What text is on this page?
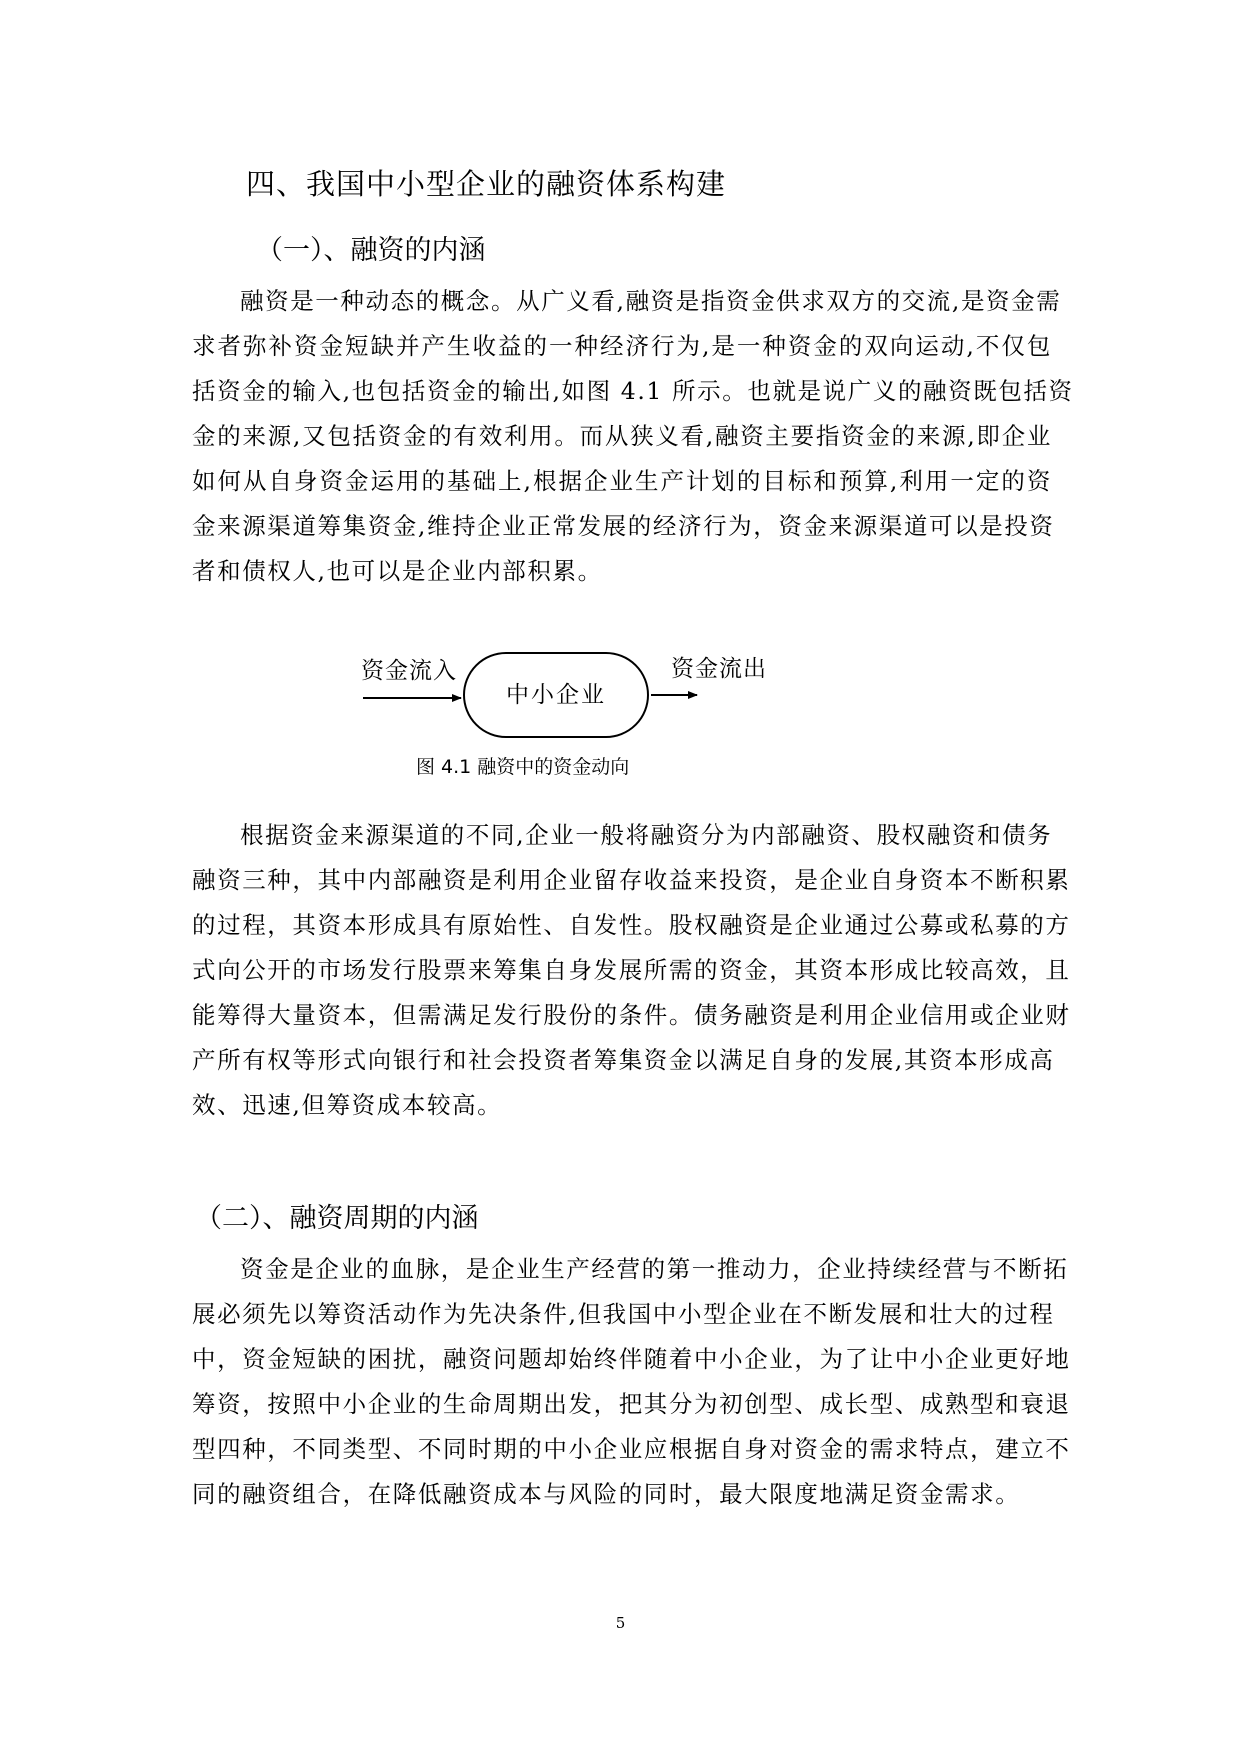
四、我国中小型企业的融资体系构建
（一）、融资的内涵
融资是一种动态的概念。从广义看,融资是指资金供求双方的交流,是资金需
求者弥补资金短缺并产生收益的一种经济行为,是一种资金的双向运动,不仅包
括资金的输入,也包括资金的输出,如图 4.1 所示。也就是说广义的融资既包括资
金的来源,又包括资金的有效利用。而从狭义看,融资主要指资金的来源,即企业
如何从自身资金运用的基础上,根据企业生产计划的目标和预算,利用一定的资
金来源渠道筹集资金,维持企业正常发展的经济行为，资金来源渠道可以是投资
者和债权人,也可以是企业内部积累。
资金流入
中小企业
资金流出
图 4.1 融资中的资金动向
根据资金来源渠道的不同,企业一般将融资分为内部融资、股权融资和债务
融资三种，其中内部融资是利用企业留存收益来投资，是企业自身资本不断积累
的过程，其资本形成具有原始性、自发性。股权融资是企业通过公募或私募的方
式向公开的市场发行股票来筹集自身发展所需的资金，其资本形成比较高效，且
能筹得大量资本，但需满足发行股份的条件。债务融资是利用企业信用或企业财
产所有权等形式向银行和社会投资者筹集资金以满足自身的发展,其资本形成高
效、迅速,但筹资成本较高。
（二）、融资周期的内涵
资金是企业的血脉，是企业生产经营的第一推动力，企业持续经营与不断拓
展必须先以筹资活动作为先决条件,但我国中小型企业在不断发展和壮大的过程
中，资金短缺的困扰，融资问题却始终伴随着中小企业，为了让中小企业更好地
筹资，按照中小企业的生命周期出发，把其分为初创型、成长型、成熟型和衰退
型四种，不同类型、不同时期的中小企业应根据自身对资金的需求特点，建立不
同的融资组合，在降低融资成本与风险的同时，最大限度地满足资金需求。
5
